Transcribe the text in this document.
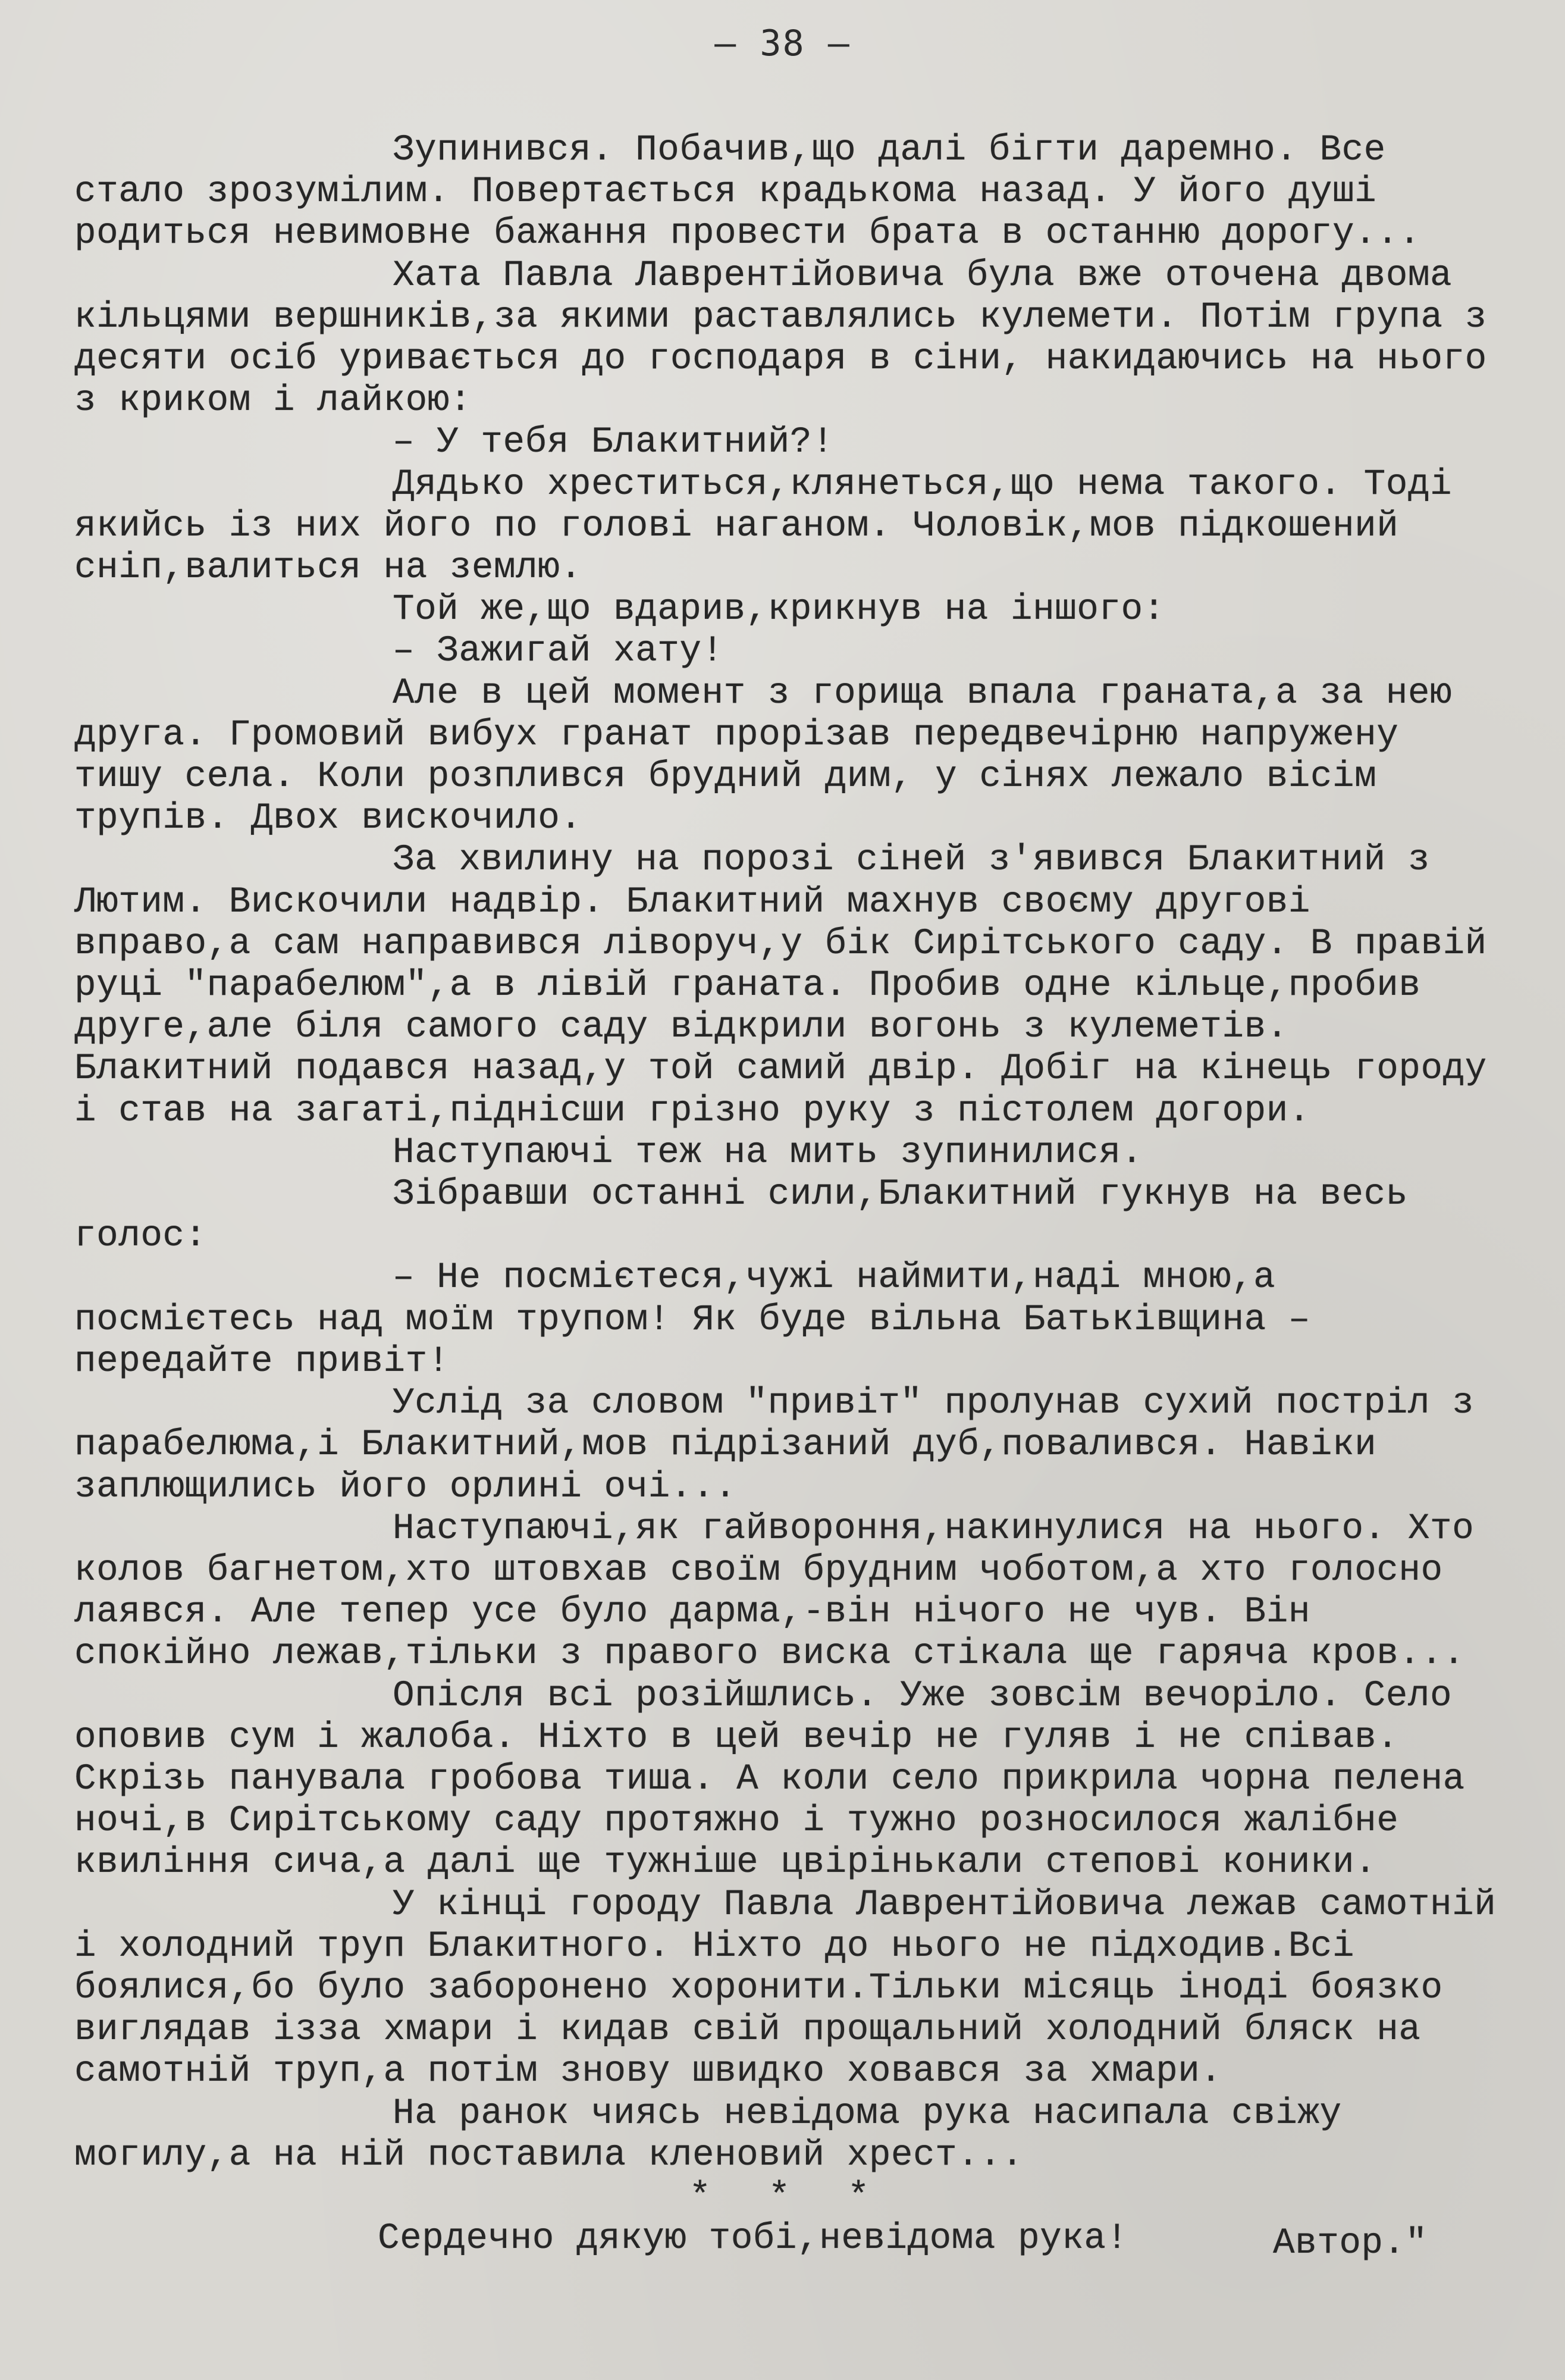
– 38 –

Зупинився. Побачив,що далі бігти даремно. Все стало зрозумілим. Повертається крадькома назад. У його душі родиться невимовне бажання провести брата в останню дорогу...

Хата Павла Лаврентійовича була вже оточена двома кільцями вершників,за якими раставлялись кулемети. Потім група з десяти осіб уривається до господаря в сіни, накидаючись на нього з криком і лайкою:

– У тебя Блакитний?!

Дядько хреститься,клянеться,що нема такого. Тоді якийсь із них його по голові наганом. Чоловік,мов підкошений сніп,валиться на землю.

Той же,що вдарив,крикнув на іншого:

– Зажигай хату!

Але в цей момент з горища впала граната,а за нею друга. Громовий вибух гранат прорізав передвечірню напружену тишу села. Коли розплився брудний дим, у сінях лежало вісім трупів. Двох вискочило.

За хвилину на порозі сіней з'явився Блакитний з Лютим. Вискочили надвір. Блакитний махнув своєму другові вправо,а сам направився ліворуч,у бік Сирітського саду. В правій руці "парабелюм",а в лівій граната. Пробив одне кільце,пробив друге,але біля самого саду відкрили вогонь з кулеметів. Блакитний подався назад,у той самий двір. Добіг на кінець городу і став на загаті,піднісши грізно руку з пістолем догори.

Наступаючі теж на мить зупинилися.

Зібравши останні сили,Блакитний гукнув на весь голос:

– Не посмієтеся,чужі наймити,наді мною,а посмієтесь над моїм трупом! Як буде вільна Батьківщина – передайте привіт!

Услід за словом "привіт" пролунав сухий постріл з парабелюма,і Блакитний,мов підрізаний дуб,повалився. Навіки заплющились його орлині очі...

Наступаючі,як гайвороння,накинулися на нього. Хто колов багнетом,хто штовхав своїм брудним чоботом,а хто голосно лаявся. Але тепер усе було дарма,-він нічого не чув. Він спокійно лежав,тільки з правого виска стікала ще гаряча кров...

Опісля всі розійшлись. Уже зовсім вечоріло. Село оповив сум і жалоба. Ніхто в цей вечір не гуляв і не співав. Скрізь панувала гробова тиша. А коли село прикрила чорна пелена ночі,в Сирітському саду протяжно і тужно розносилося жалібне квиління сича,а далі ще тужніше цвірінькали степові коники.

У кінці городу Павла Лаврентійовича лежав самотній і холодний труп Блакитного. Ніхто до нього не підходив.Всі боялися,бо було заборонено хоронити.Тільки місяць іноді боязко виглядав ізза хмари і кидав свій прощальний холодний бляск на самотній труп,а потім знову швидко ховався за хмари.

На ранок чиясь невідома рука насипала свіжу могилу,а на ній поставила кленовий хрест...

* * *

Сердечно дякую тобі,невідома рука!	Автор."
